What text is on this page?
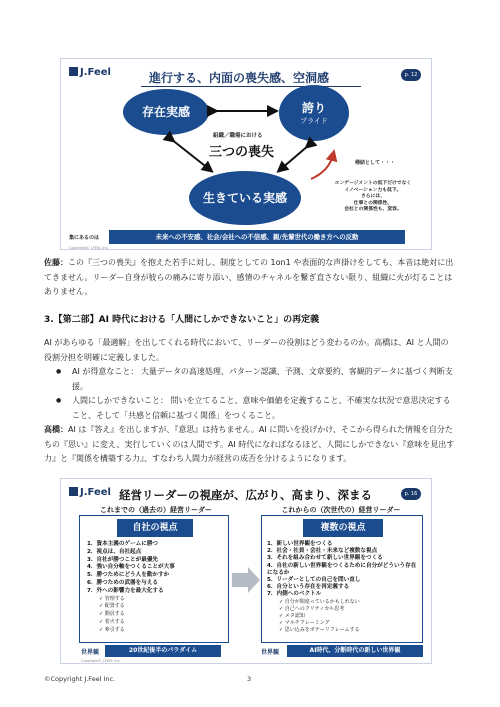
J.Feel	進行する、内面の喪失感、空洞感	p. 12
存在実感	誇り
プライド
生きている実感
組織／職場における
三つの喪失
帰結として・・・
エンゲージメントの低下だけでなく
イノベーション力も低下。
さらには、
仕事との関係性、
会社との関係性も、変容。
集にあるのは	未来への不安感、社会/会社への不信感、親/先輩世代の働き方への反動
Copyright© J.FEEL Inc.
佐藤：この『三つの喪失』を抱えた若手に対し、制度としての 1on1 や表面的な声掛けをしても、本音は絶対に出てきません。リーダー自身が彼らの痛みに寄り添い、感情のチャネルを繋ぎ直さない限り、組織に火が灯ることはありません。
3.【第二部】AI 時代における「人間にしかできないこと」の再定義
AI があらゆる「最適解」を出してくれる時代において、リーダーの役割はどう変わるのか。高橋は、AI と人間の役割分担を明確に定義しました。
● AI が得意なこと： 大量データの高速処理、パターン認識、予測、文章要約、客観的データに基づく判断支援。
● 人間にしかできないこと： 問いを立てること、意味や価値を定義すること、不確実な状況で意思決定すること、そして「共感と信頼に基づく関係」をつくること。
高橋：AI は『答え』を出しますが、『意思』は持ちません。AI に問いを投げかけ、そこから得られた情報を自分たちの『思い』に変え、実行していくのは人間です。AI 時代になればなるほど、人間にしかできない『意味を見出す力』と『関係を構築する力』、すなわち人間力が経営の成否を分けるようになります。
J.Feel 経営リーダーの視座が、広がり、高まり、深まる	p. 16
これまでの（過去の）経営リーダー	これからの（次世代の）経営リーダー
自社の視点	複数の視点
1．資本主義のゲームに勝つ
2．視点は、自社起点
3．自社が勝つことが最優先
4．強い自分軸をつくることが大事
5．勝つためにどう人を動かすか
6．勝つための武器を与える
7．外への影響力を最大化する
✓ 管理する
✓ 配置する
✓ 動員する
✓ 着火する
✓ 牽引する
1．新しい世界観をつくる
2．社会・社員・会社・未来など複数な視点
3．それを組み合わせて新しい世界観をつくる
4．自社の新しい世界観をつくるために自分がどういう存在になるか
5．リーダーとしての自己を問い直し
6．自分という存在を再定義する
7．内側へのベクトル
✓ 自分が間違っているかもしれない
✓ 自己へのクリティカル思考
✓ メタ認知
✓ マルチフレーミング
✓ 思い込みをポテーリフレームする
世界観	20世紀後半のパラダイム	世界観	AI時代、分断時代の新しい世界観
Copyright© J.FEEL Inc.
©Copyright J.Feel Inc.	3
